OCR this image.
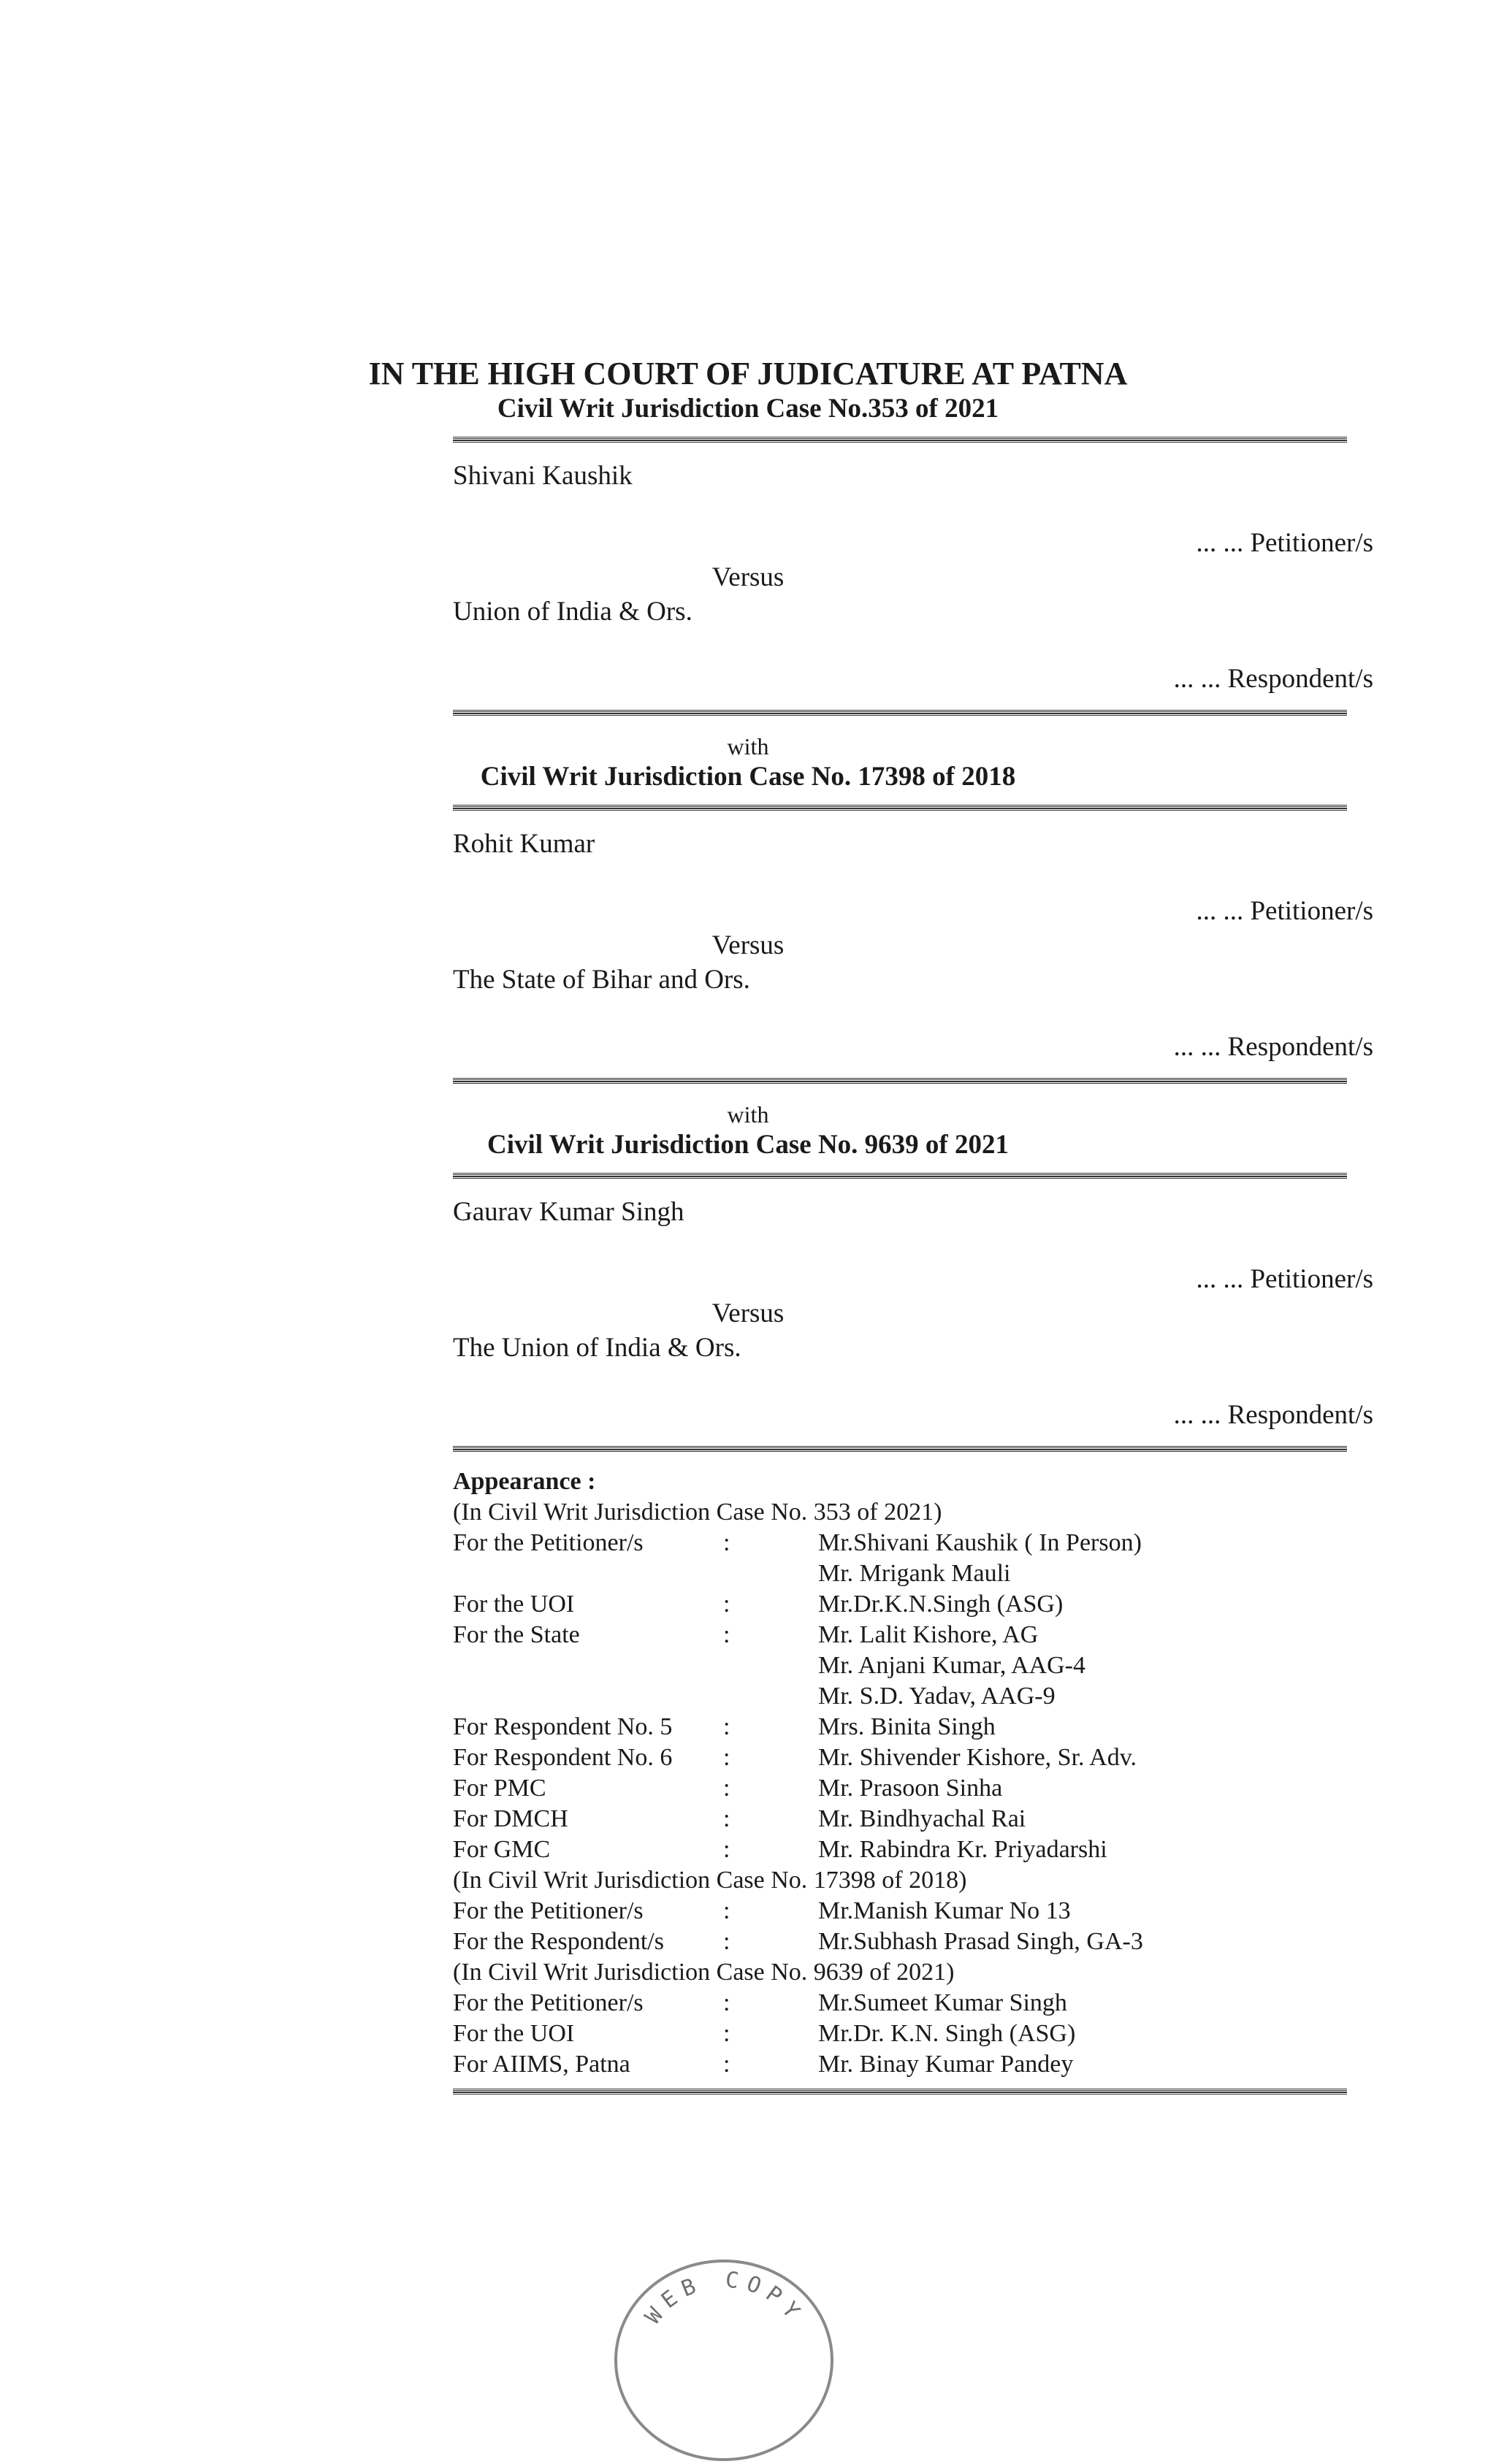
IN THE HIGH COURT OF JUDICATURE AT PATNA
Civil Writ Jurisdiction Case No.353 of 2021
Shivani Kaushik
... ... Petitioner/s
Versus
Union of India & Ors.
... ... Respondent/s
with
Civil Writ Jurisdiction Case No. 17398 of 2018
Rohit Kumar
... ... Petitioner/s
Versus
The State of Bihar and Ors.
... ... Respondent/s
with
Civil Writ Jurisdiction Case No. 9639 of 2021
Gaurav Kumar Singh
... ... Petitioner/s
Versus
The Union of India & Ors.
... ... Respondent/s
Appearance :
(In Civil Writ Jurisdiction Case No. 353 of 2021)
For the Petitioner/s	:	Mr.Shivani Kaushik ( In Person)
Mr. Mrigank Mauli
For the UOI	:	Mr.Dr.K.N.Singh (ASG)
For the State	:	Mr. Lalit Kishore, AG
Mr. Anjani Kumar, AAG-4
Mr. S.D. Yadav, AAG-9
For Respondent No. 5 :	Mrs. Binita Singh
For Respondent No. 6 :	Mr. Shivender Kishore, Sr. Adv.
For PMC	:	Mr. Prasoon Sinha
For DMCH	:	Mr. Bindhyachal Rai
For GMC	:	Mr. Rabindra Kr. Priyadarshi
(In Civil Writ Jurisdiction Case No. 17398 of 2018)
For the Petitioner/s	:	Mr.Manish Kumar No 13
For the Respondent/s :	Mr.Subhash Prasad Singh, GA-3
(In Civil Writ Jurisdiction Case No. 9639 of 2021)
For the Petitioner/s	:	Mr.Sumeet Kumar Singh
For the UOI	:	Mr.Dr. K.N. Singh (ASG)
For AIIMS, Patna	:	Mr. Binay Kumar Pandey
WEB COPY
